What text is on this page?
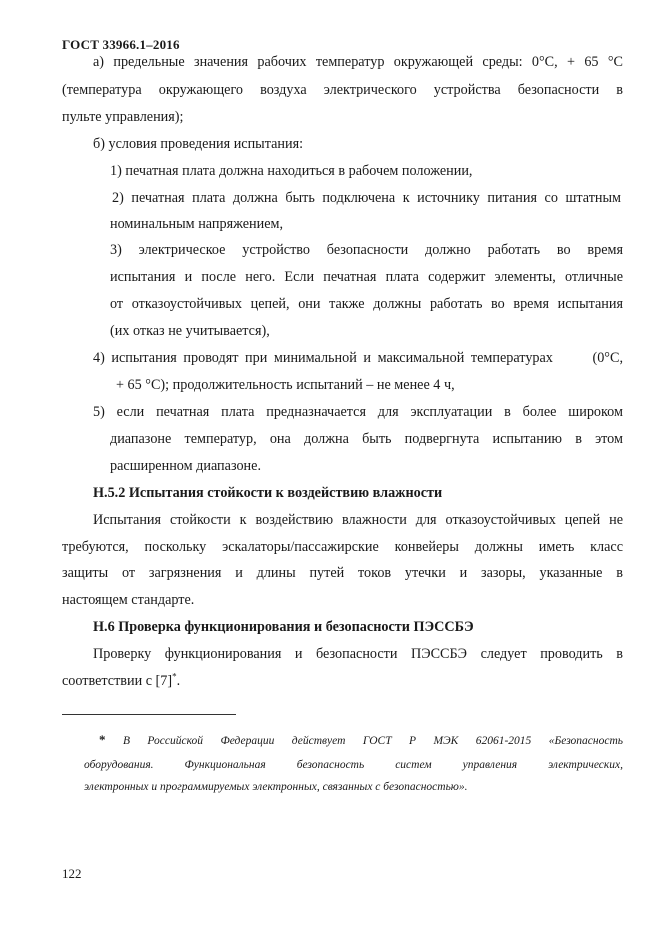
ГОСТ 33966.1–2016
а) предельные значения рабочих температур окружающей среды: 0°С, + 65 °С
(температура окружающего воздуха электрического устройства безопасности в
пульте управления);
б) условия проведения испытания:
1) печатная плата должна находиться в рабочем положении,
2) печатная плата должна быть подключена к источнику питания со штатным
номинальным напряжением,
3) электрическое устройство безопасности должно работать во время
испытания и после него. Если печатная плата содержит элементы, отличные
от отказоустойчивых цепей, они также должны работать во время испытания
(их отказ не учитывается),
4) испытания проводят при минимальной и максимальной температурах      (0°С,
+ 65 °С); продолжительность испытаний – не менее 4 ч,
5) если печатная плата предназначается для эксплуатации в более широком
диапазоне температур, она должна быть подвергнута испытанию в этом
расширенном диапазоне.
Н.5.2 Испытания стойкости к воздействию влажности
Испытания стойкости к воздействию влажности для отказоустойчивых цепей не
требуются, поскольку эскалаторы/пассажирские конвейеры должны иметь класс
защиты от загрязнения и длины путей токов утечки и зазоры, указанные в
настоящем стандарте.
Н.6 Проверка функционирования и безопасности ПЭССБЭ
Проверку функционирования и безопасности ПЭССБЭ следует проводить в
соответствии с [7]*.
* В Российской Федерации действует ГОСТ Р МЭК 62061-2015 «Безопасность
оборудования. Функциональная безопасность систем управления электрических,
электронных и программируемых электронных, связанных с безопасностью».
122
